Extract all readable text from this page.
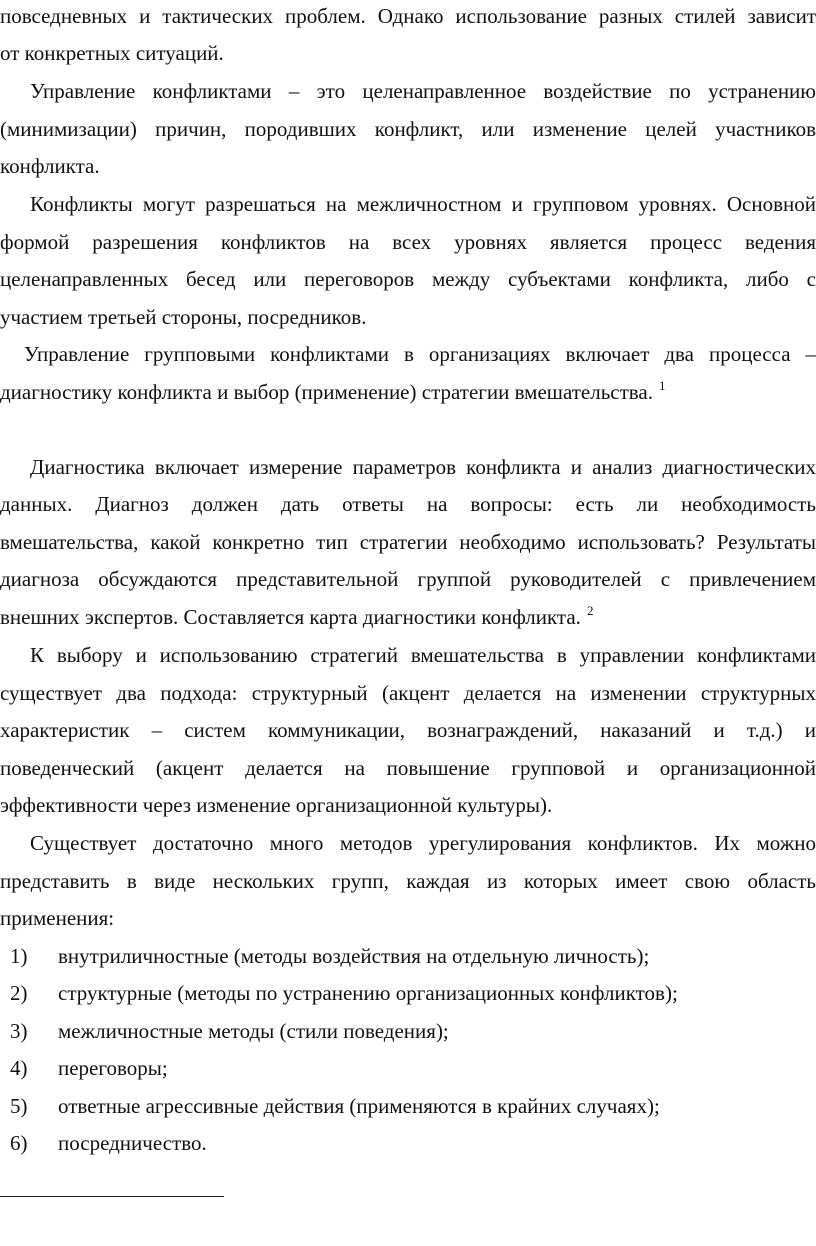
повседневных и тактических проблем. Однако использование разных стилей зависит
от конкретных ситуаций.
Управление конфликтами – это целенаправленное воздействие по устранению
(минимизации) причин, породивших конфликт, или изменение целей участников
конфликта.
Конфликты могут разрешаться на межличностном и групповом уровнях. Основной
формой разрешения конфликтов на всех уровнях является процесс ведения
целенаправленных бесед или переговоров между субъектами конфликта, либо с
участием третьей стороны, посредников.
Управление групповыми конфликтами в организациях включает два процесса –
диагностику конфликта и выбор (применение) стратегии вмешательства. $^1$
Диагностика включает измерение параметров конфликта и анализ диагностических
данных. Диагноз должен дать ответы на вопросы: есть ли необходимость
вмешательства, какой конкретно тип стратегии необходимо использовать? Результаты
диагноза обсуждаются представительной группой руководителей с привлечением
внешних экспертов. Составляется карта диагностики конфликта. $^2$
К выбору и использованию стратегий вмешательства в управлении конфликтами
существует два подхода: структурный (акцент делается на изменении структурных
характеристик – систем коммуникации, вознаграждений, наказаний и т.д.) и
поведенческий (акцент делается на повышение групповой и организационной
эффективности через изменение организационной культуры).
Существует достаточно много методов урегулирования конфликтов. Их можно
представить в виде нескольких групп, каждая из которых имеет свою область
применения:
1) внутриличностные (методы воздействия на отдельную личность);
2) структурные (методы по устранению организационных конфликтов);
3) межличностные методы (стили поведения);
4) переговоры;
5) ответные агрессивные действия (применяются в крайних случаях);
6) посредничество.
